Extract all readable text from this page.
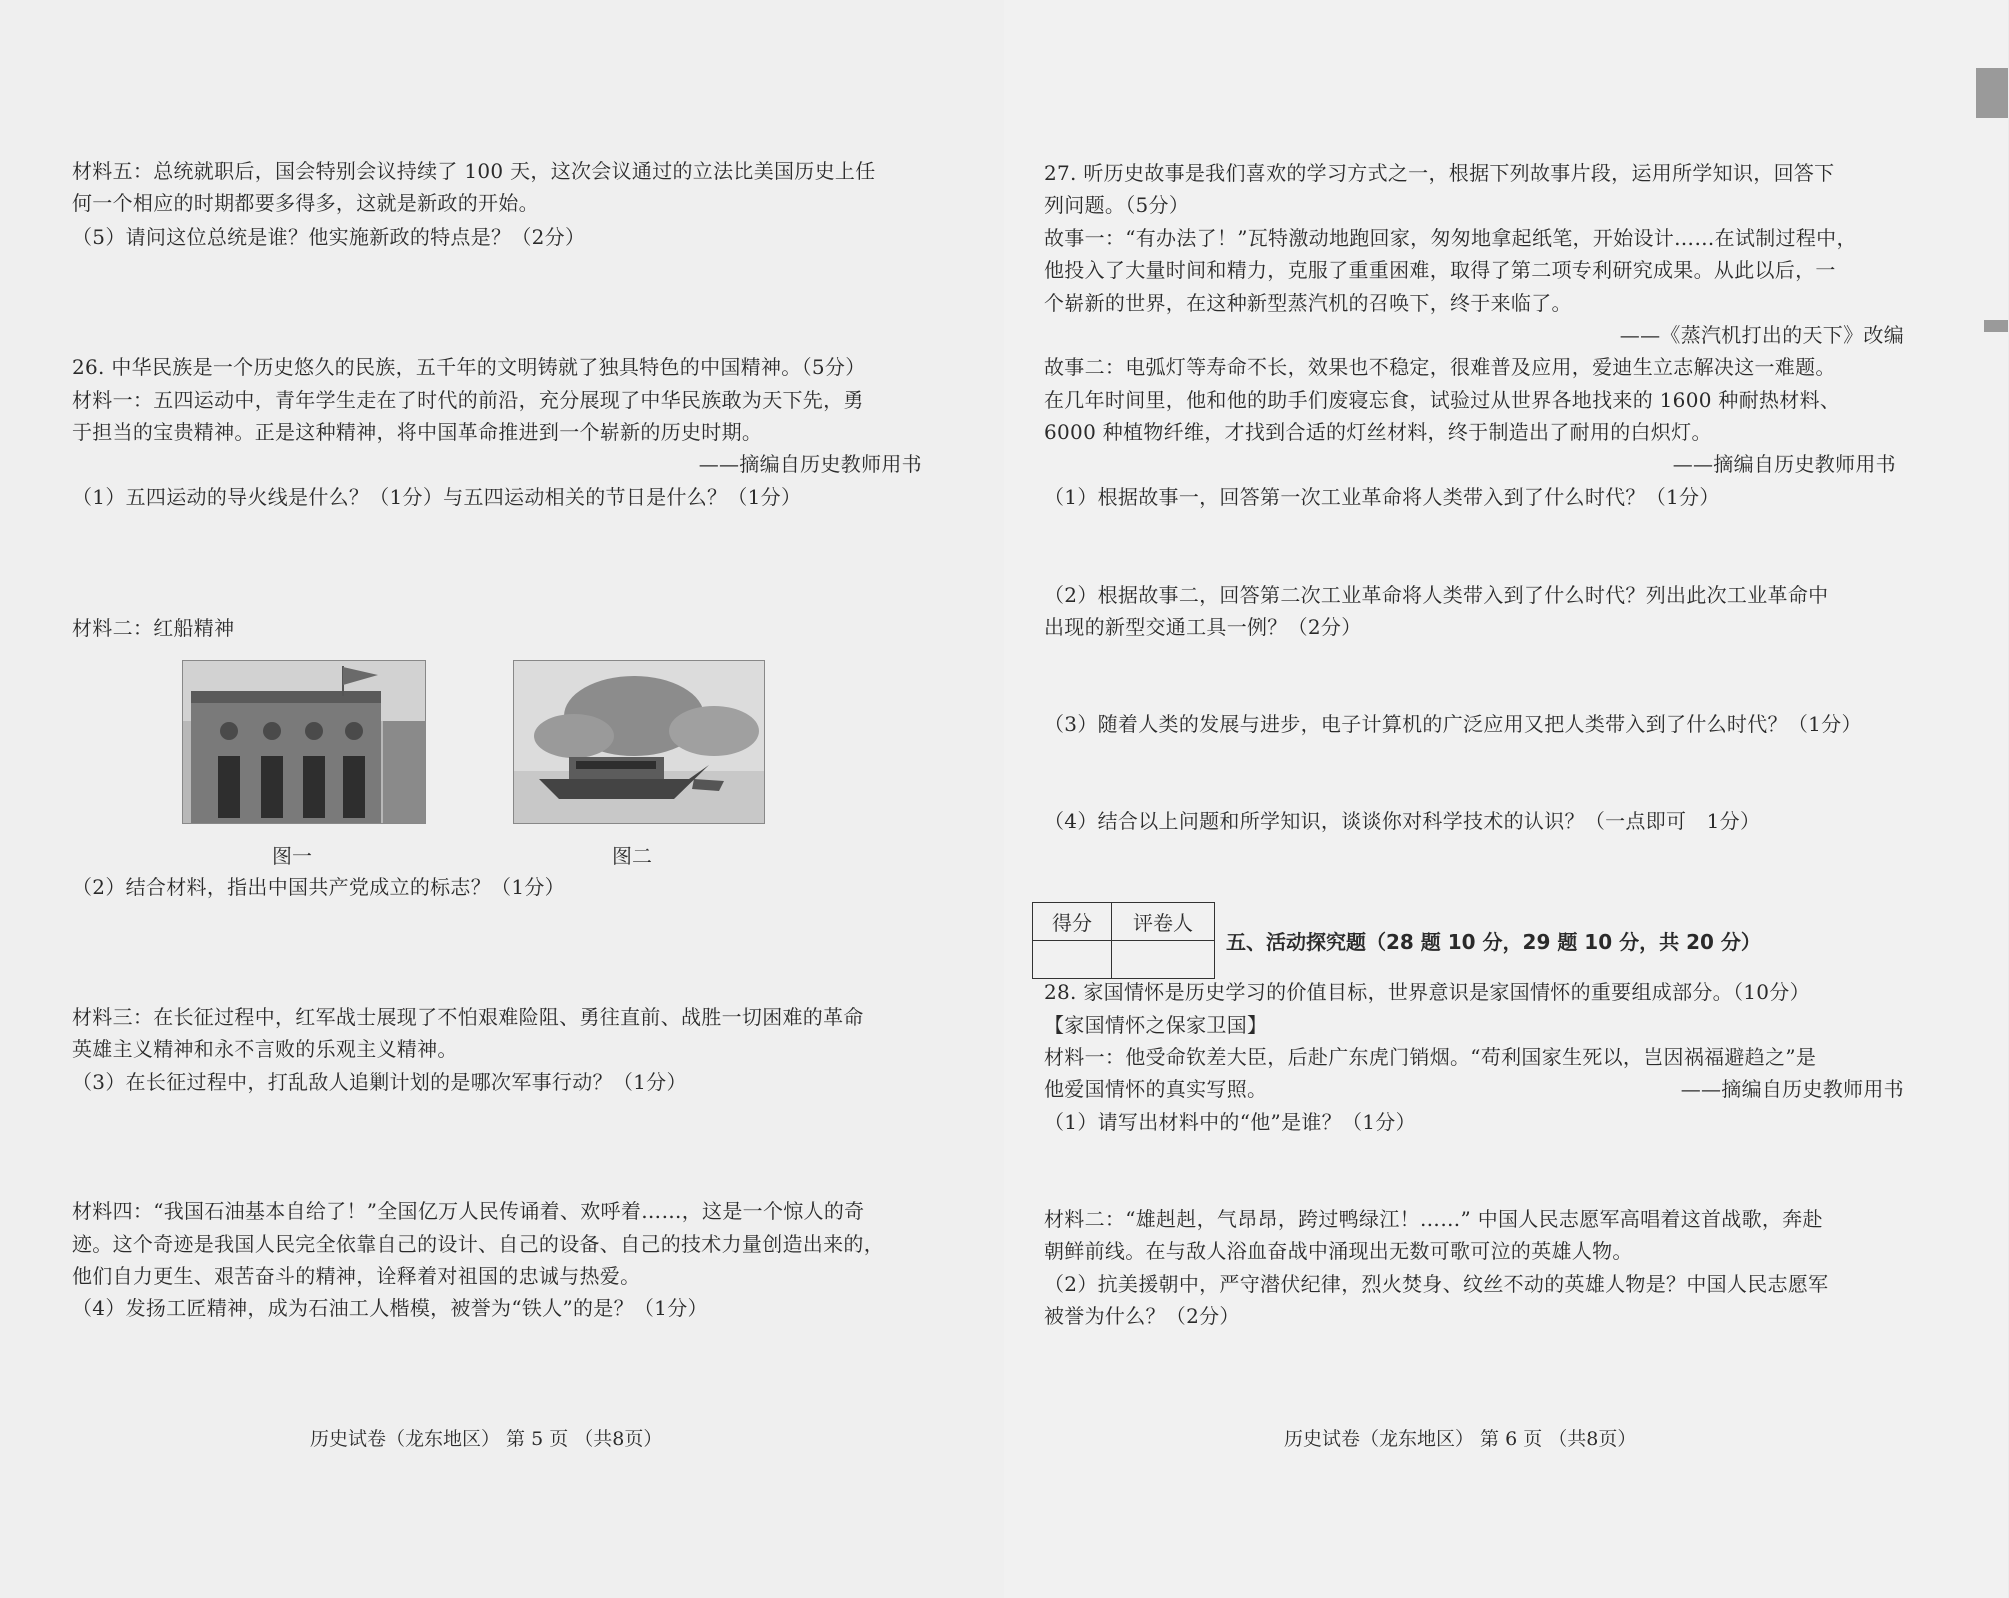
材料五：总统就职后，国会特别会议持续了 100 天，这次会议通过的立法比美国历史上任
何一个相应的时期都要多得多，这就是新政的开始。
（5）请问这位总统是谁？他实施新政的特点是？（2分）
26. 中华民族是一个历史悠久的民族，五千年的文明铸就了独具特色的中国精神。（5分）
材料一：五四运动中，青年学生走在了时代的前沿，充分展现了中华民族敢为天下先，勇
于担当的宝贵精神。正是这种精神，将中国革命推进到一个崭新的历史时期。
——摘编自历史教师用书
（1）五四运动的导火线是什么？（1分）与五四运动相关的节日是什么？（1分）
材料二：红船精神
图一	图二
（2）结合材料，指出中国共产党成立的标志？（1分）
材料三：在长征过程中，红军战士展现了不怕艰难险阻、勇往直前、战胜一切困难的革命
英雄主义精神和永不言败的乐观主义精神。
（3）在长征过程中，打乱敌人追剿计划的是哪次军事行动？（1分）
材料四：“我国石油基本自给了！”全国亿万人民传诵着、欢呼着……，这是一个惊人的奇
迹。这个奇迹是我国人民完全依靠自己的设计、自己的设备、自己的技术力量创造出来的，
他们自力更生、艰苦奋斗的精神，诠释着对祖国的忠诚与热爱。
（4）发扬工匠精神，成为石油工人楷模，被誉为“铁人”的是？（1分）
历史试卷（龙东地区） 第 5 页 （共8页）
27. 听历史故事是我们喜欢的学习方式之一，根据下列故事片段，运用所学知识，回答下
列问题。（5分）
故事一：“有办法了！”瓦特激动地跑回家，匆匆地拿起纸笔，开始设计……在试制过程中，
他投入了大量时间和精力，克服了重重困难，取得了第二项专利研究成果。从此以后，一
个崭新的世界，在这种新型蒸汽机的召唤下，终于来临了。
——《蒸汽机打出的天下》改编
故事二：电弧灯等寿命不长，效果也不稳定，很难普及应用，爱迪生立志解决这一难题。
在几年时间里，他和他的助手们废寝忘食，试验过从世界各地找来的 1600 种耐热材料、
6000 种植物纤维，才找到合适的灯丝材料，终于制造出了耐用的白炽灯。
——摘编自历史教师用书
（1）根据故事一，回答第一次工业革命将人类带入到了什么时代？（1分）
（2）根据故事二，回答第二次工业革命将人类带入到了什么时代？列出此次工业革命中
出现的新型交通工具一例？（2分）
（3）随着人类的发展与进步，电子计算机的广泛应用又把人类带入到了什么时代？（1分）
（4）结合以上问题和所学知识，谈谈你对科学技术的认识？（一点即可　1分）
得分	评卷人

五、活动探究题（28 题 10 分，29 题 10 分，共 20 分）
28. 家国情怀是历史学习的价值目标，世界意识是家国情怀的重要组成部分。（10分）
【家国情怀之保家卫国】
材料一：他受命钦差大臣，后赴广东虎门销烟。“苟利国家生死以，岂因祸福避趋之”是
他爱国情怀的真实写照。	——摘编自历史教师用书
（1）请写出材料中的“他”是谁？（1分）
材料二：“雄赳赳，气昂昂，跨过鸭绿江！……” 中国人民志愿军高唱着这首战歌，奔赴
朝鲜前线。在与敌人浴血奋战中涌现出无数可歌可泣的英雄人物。
（2）抗美援朝中，严守潜伏纪律，烈火焚身、纹丝不动的英雄人物是？中国人民志愿军
被誉为什么？（2分）
历史试卷（龙东地区） 第 6 页 （共8页）
